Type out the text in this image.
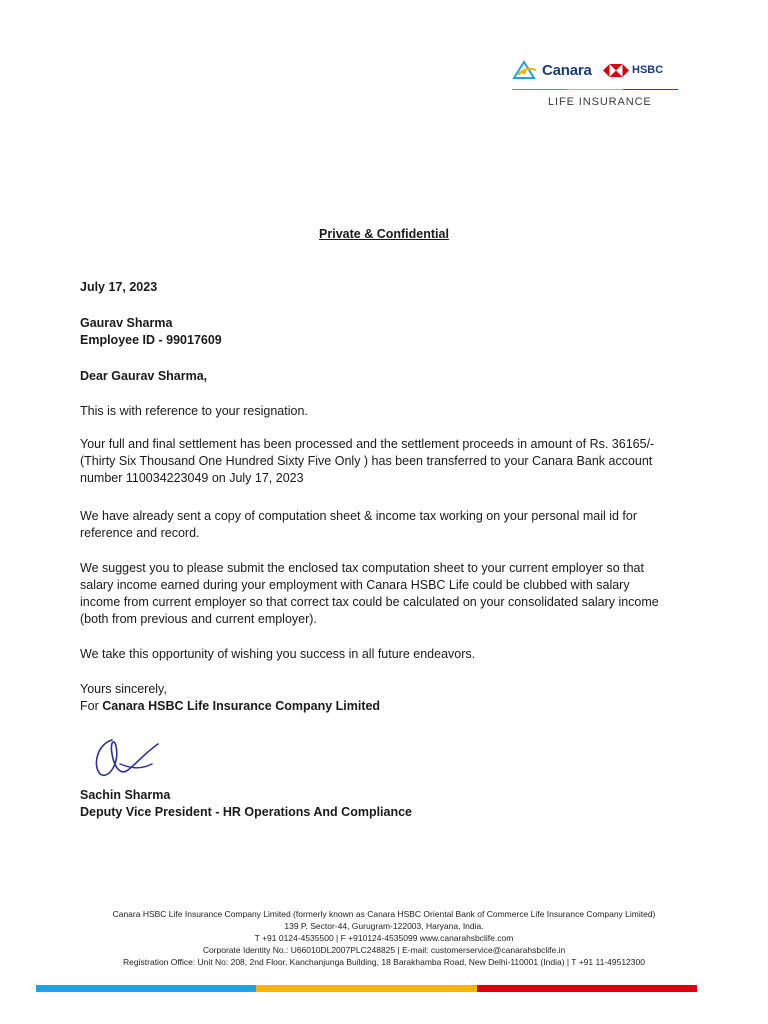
Canara	HSBC
LIFE INSURANCE
Private & Confidential
July 17, 2023
Gaurav Sharma
Employee ID - 99017609
Dear Gaurav Sharma,
This is with reference to your resignation.
Your full and final settlement has been processed and the settlement proceeds in amount of Rs. 36165/- (Thirty Six Thousand One Hundred Sixty Five Only ) has been transferred to your Canara Bank account number 110034223049 on July 17, 2023
We have already sent a copy of computation sheet & income tax working on your personal mail id for reference and record.
We suggest you to please submit the enclosed tax computation sheet to your current employer so that salary income earned during your employment with Canara HSBC Life could be clubbed with salary income from current employer so that correct tax could be calculated on your consolidated salary income (both from previous and current employer).
We take this opportunity of wishing you success in all future endeavors.
Yours sincerely,
For Canara HSBC Life Insurance Company Limited
Sachin Sharma
Deputy Vice President - HR Operations And Compliance
Canara HSBC Life Insurance Company Limited (formerly known as Canara HSBC Oriental Bank of Commerce Life Insurance Company Limited)
139 P, Sector-44, Gurugram-122003, Haryana, India.
T +91 0124-4535500 | F +910124-4535099 www.canarahsbclife.com
Corporate Identity No.: U66010DL2007PLC248825 | E-mail: customerservice@canarahsbclife.in
Registration Office: Unit No: 208, 2nd Floor, Kanchanjunga Building, 18 Barakhamba Road, New Delhi-110001 (India) | T +91 11-49512300
